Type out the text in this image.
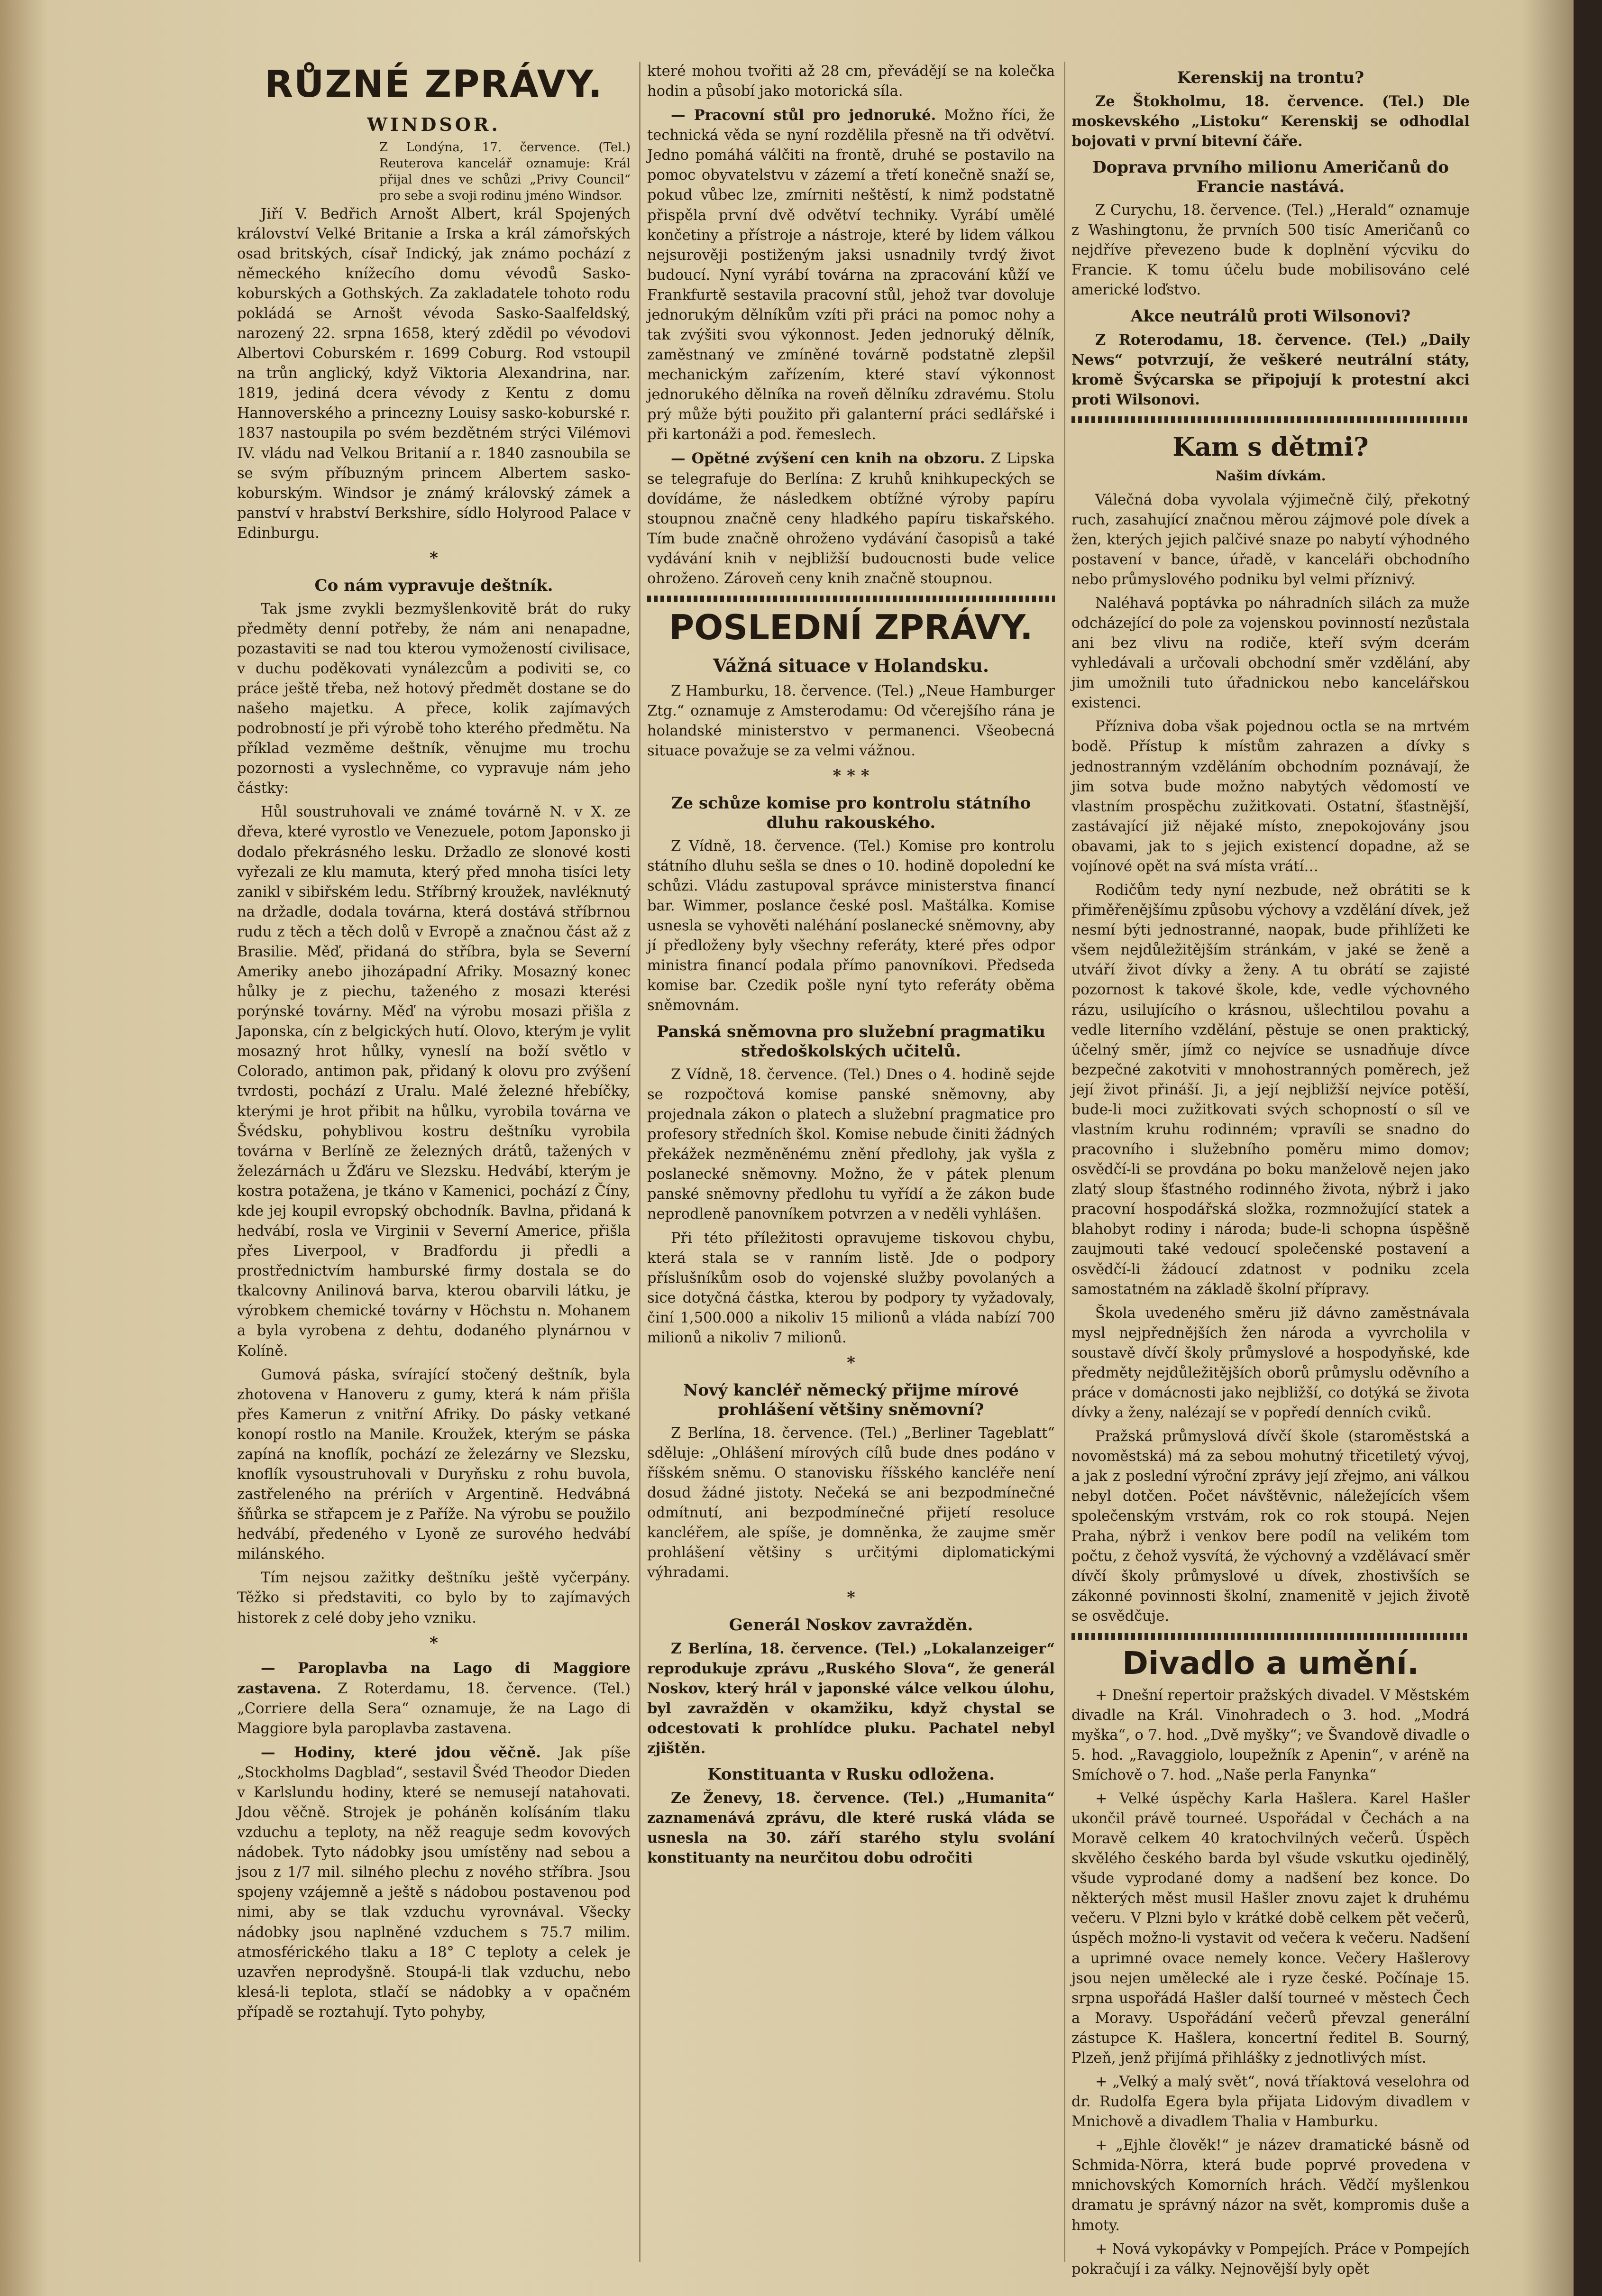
RŮZNÉ ZPRÁVY.
WINDSOR.
Z Londýna, 17. července. (Tel.) Reuterova kancelář oznamuje: Král přijal dnes ve schůzi „Privy Council“ pro sebe a svoji rodinu jméno Windsor.

Jiří V. Bedřich Arnošt Albert, král Spojených království Velké Britanie a Irska a král zámořských osad britských, císař Indický, jak známo pochází z německého knížecího domu vévodů Sasko-koburských a Gothských. Za zakladatele tohoto rodu pokládá se Arnošt vévoda Sasko-Saalfeldský, narozený 22. srpna 1658, který zdědil po vévodovi Albertovi Coburském r. 1699 Coburg. Rod vstoupil na trůn anglický, když Viktoria Alexandrina, nar. 1819, jediná dcera vévody z Kentu z domu Hannoverského a princezny Louisy sasko-koburské r. 1837 nastoupila po svém bezdětném strýci Vilémovi IV. vládu nad Velkou Britanií a r. 1840 zasnoubila se se svým příbuzným princem Albertem sasko-koburským. Windsor je známý královský zámek a panství v hrabství Berkshire, sídlo Holyrood Palace v Edinburgu.

*
Co nám vypravuje deštník.

Tak jsme zvykli bezmyšlenkovitě brát do ruky předměty denní potřeby, že nám ani nenapadne, pozastaviti se nad tou kterou vymožeností civilisace, v duchu poděkovati vynálezcům a podiviti se, co práce ještě třeba, než hotový předmět dostane se do našeho majetku. A přece, kolik zajímavých podrobností je při výrobě toho kterého předmětu. Na příklad vezměme deštník, věnujme mu trochu pozornosti a vyslechněme, co vypravuje nám jeho částky:

Hůl soustruhovali ve známé továrně N. v X. ze dřeva, které vyrostlo ve Venezuele, potom Japonsko ji dodalo překrásného lesku. Držadlo ze slonové kosti vyřezali ze klu mamuta, který před mnoha tisíci lety zanikl v sibiřském ledu. Stříbrný kroužek, navléknutý na držadle, dodala továrna, která dostává stříbrnou rudu z těch a těch dolů v Evropě a značnou část až z Brasilie. Měď, přidaná do stříbra, byla se Severní Ameriky anebo jihozápadní Afriky. Mosazný konec hůlky je z piechu, taženého z mosazi kterési porýnské továrny. Měď na výrobu mosazi přišla z Japonska, cín z belgických hutí. Olovo, kterým je vylit mosazný hrot hůlky, vyneslí na boží světlo v Colorado, antimon pak, přidaný k olovu pro zvýšení tvrdosti, pochází z Uralu. Malé železné hřebíčky, kterými je hrot přibit na hůlku, vyrobila továrna ve Švédsku, pohyblivou kostru deštníku vyrobila továrna v Berlíně ze železných drátů, tažených v železárnách u Žďáru ve Slezsku. Hedvábí, kterým je kostra potažena, je tkáno v Kamenici, pochází z Číny, kde jej koupil evropský obchodník. Bavlna, přidaná k hedvábí, rosla ve Virginii v Severní Americe, přišla přes Liverpool, v Bradfordu ji předli a prostřednictvím hamburské firmy dostala se do tkalcovny Anilinová barva, kterou obarvili látku, je výrobkem chemické továrny v Höchstu n. Mohanem a byla vyrobena z dehtu, dodaného plynárnou v Kolíně.

Gumová páska, svírající stočený deštník, byla zhotovena v Hanoveru z gumy, která k nám přišla přes Kamerun z vnitřní Afriky. Do pásky vetkané konopí rostlo na Manile. Kroužek, kterým se páska zapíná na knoflík, pochází ze železárny ve Slezsku, knoflík vysoustruhovali v Duryňsku z rohu buvola, zastřeleného na prériích v Argentině. Hedvábná šňůrka se střapcem je z Paříže. Na výrobu se použilo hedvábí, předeného v Lyoně ze surového hedvábí milánského.

Tím nejsou zažitky deštníku ještě vyčerpány. Těžko si představiti, co bylo by to zajímavých historek z celé doby jeho vzniku.

*

— Paroplavba na Lago di Maggiore zastavena. Z Roterdamu, 18. července. (Tel.) „Corriere della Sera“ oznamuje, že na Lago di Maggiore byla paroplavba zastavena.

— Hodiny, které jdou věčně. Jak píše „Stockholms Dagblad“, sestavil Švéd Theodor Dieden v Karlslundu hodiny, které se nemusejí natahovati. Jdou věčně. Strojek je poháněn kolísáním tlaku vzduchu a teploty, na něž reaguje sedm kovových nádobek. Tyto nádobky jsou umístěny nad sebou a jsou z 1/7 mil. silného plechu z nového stříbra. Jsou spojeny vzájemně a ještě s nádobou postavenou pod nimi, aby se tlak vzduchu vyrovnával. Všecky nádobky jsou naplněné vzduchem s 75.7 milim. atmosférického tlaku a 18° C teploty a celek je uzavřen neprodyšně. Stoupá-li tlak vzduchu, nebo klesá-li teplota, stlačí se nádobky a v opačném případě se roztahují. Tyto pohyby,

které mohou tvořiti až 28 cm, převádějí se na kolečka hodin a působí jako motorická síla.

— Pracovní stůl pro jednoruké. Možno říci, že technická věda se nyní rozdělila přesně na tři odvětví. Jedno pomáhá válčiti na frontě, druhé se postavilo na pomoc obyvatelstvu v zázemí a třetí konečně snaží se, pokud vůbec lze, zmírniti neštěstí, k nimž podstatně přispěla první dvě odvětví techniky. Vyrábí umělé končetiny a přístroje a nástroje, které by lidem válkou nejsurověji postiženým jaksi usnadnily tvrdý život budoucí. Nyní vyrábí továrna na zpracování kůží ve Frankfurtě sestavila pracovní stůl, jehož tvar dovoluje jednorukým dělníkům vzíti při práci na pomoc nohy a tak zvýšiti svou výkonnost. Jeden jednoruký dělník, zaměstnaný ve zmíněné továrně podstatně zlepšil mechanickým zařízením, které staví výkonnost jednorukého dělníka na roveň dělníku zdravému. Stolu prý může býti použito při galanterní práci sedlářské i při kartonáži a pod. řemeslech.

— Opětné zvýšení cen knih na obzoru. Z Lipska se telegrafuje do Berlína: Z kruhů knihkupeckých se dovídáme, že následkem obtížné výroby papíru stoupnou značně ceny hladkého papíru tiskařského. Tím bude značně ohroženo vydávání časopisů a také vydávání knih v nejbližší budoucnosti bude velice ohroženo. Zároveň ceny knih značně stoupnou.

POSLEDNÍ ZPRÁVY.
Vážná situace v Holandsku.

Z Hamburku, 18. července. (Tel.) „Neue Hamburger Ztg.“ oznamuje z Amsterodamu: Od včerejšího rána je holandské ministerstvo v permanenci. Všeobecná situace považuje se za velmi vážnou.

* * *
Ze schůze komise pro kontrolu státního dluhu rakouského.

Z Vídně, 18. července. (Tel.) Komise pro kontrolu státního dluhu sešla se dnes o 10. hodině dopolední ke schůzi. Vládu zastupoval správce ministerstva financí bar. Wimmer, poslance české posl. Maštálka. Komise usnesla se vyhověti naléhání poslanecké sněmovny, aby jí předloženy byly všechny referáty, které přes odpor ministra financí podala přímo panovníkovi. Předseda komise bar. Czedik pošle nyní tyto referáty oběma sněmovnám.

Panská sněmovna pro služební pragmatiku středoškolských učitelů.

Z Vídně, 18. července. (Tel.) Dnes o 4. hodině sejde se rozpočtová komise panské sněmovny, aby projednala zákon o platech a služební pragmatice pro profesory středních škol. Komise nebude činiti žádných překážek nezměněnému znění předlohy, jak vyšla z poslanecké sněmovny. Možno, že v pátek plenum panské sněmovny předlohu tu vyřídí a že zákon bude neprodleně panovníkem potvrzen a v neděli vyhlášen.

Při této příležitosti opravujeme tiskovou chybu, která stala se v ranním listě. Jde o podpory příslušníkům osob do vojenské služby povolaných a sice dotyčná částka, kterou by podpory ty vyžadovaly, činí 1,500.000 a nikoliv 15 milionů a vláda nabízí 700 milionů a nikoliv 7 milionů.

*
Nový kancléř německý přijme mírové prohlášení většiny sněmovní?

Z Berlína, 18. července. (Tel.) „Berliner Tageblatt“ sděluje: „Ohlášení mírových cílů bude dnes podáno v říšském sněmu. O stanovisku říšského kancléře není dosud žádné jistoty. Nečeká se ani bezpodmínečné odmítnutí, ani bezpodmínečné přijetí resoluce kancléřem, ale spíše, je domněnka, že zaujme směr prohlášení většiny s určitými diplomatickými výhradami.

*
Generál Noskov zavražděn.

Z Berlína, 18. července. (Tel.) „Lokalanzeiger“ reprodukuje zprávu „Ruského Slova“, že generál Noskov, který hrál v japonské válce velkou úlohu, byl zavražděn v okamžiku, když chystal se odcestovati k prohlídce pluku. Pachatel nebyl zjištěn.

Konstituanta v Rusku odložena.

Ze Ženevy, 18. července. (Tel.) „Humanita“ zaznamenává zprávu, dle které ruská vláda se usnesla na 30. září starého stylu svolání konstituanty na neurčitou dobu odročiti

Kerenskij na trontu?

Ze Štokholmu, 18. července. (Tel.) Dle moskevského „Listoku“ Kerenskij se odhodlal bojovati v první bitevní čáře.

Doprava prvního milionu Američanů do Francie nastává.

Z Curychu, 18. července. (Tel.) „Herald“ oznamuje z Washingtonu, že prvních 500 tisíc Američanů co nejdříve převezeno bude k doplnění výcviku do Francie. K tomu účelu bude mobilisováno celé americké loďstvo.

Akce neutrálů proti Wilsonovi?

Z Roterodamu, 18. července. (Tel.) „Daily News“ potvrzují, že veškeré neutrální státy, kromě Švýcarska se připojují k protestní akci proti Wilsonovi.

Kam s dětmi?
Našim dívkám.

Válečná doba vyvolala výjimečně čilý, překotný ruch, zasahující značnou měrou zájmové pole dívek a žen, kterých jejich palčivé snaze po nabytí výhodného postavení v bance, úřadě, v kanceláři obchodního nebo průmyslového podniku byl velmi příznivý.

Naléhavá poptávka po náhradních silách za muže odcházející do pole za vojenskou povinností nezůstala ani bez vlivu na rodiče, kteří svým dcerám vyhledávali a určovali obchodní směr vzdělání, aby jim umožnili tuto úřadnickou nebo kancelářskou existenci.

Přízniva doba však pojednou octla se na mrtvém bodě. Přístup k místům zahrazen a dívky s jednostranným vzděláním obchodním poznávají, že jim sotva bude možno nabytých vědomostí ve vlastním prospěchu zužitkovati. Ostatní, šťastnější, zastávající již nějaké místo, znepokojovány jsou obavami, jak to s jejich existencí dopadne, až se vojínové opět na svá místa vrátí…

Rodičům tedy nyní nezbude, než obrátiti se k přiměřenějšímu způsobu výchovy a vzdělání dívek, jež nesmí býti jednostranné, naopak, bude přihlížeti ke všem nejdůležitějším stránkám, v jaké se ženě a utváří život dívky a ženy. A tu obrátí se zajisté pozornost k takové škole, kde, vedle výchovného rázu, usilujícího o krásnou, ušlechtilou povahu a vedle literního vzdělání, pěstuje se onen praktický, účelný směr, jímž co nejvíce se usnadňuje dívce bezpečné zakotviti v mnohostranných poměrech, jež její život přináší. Ji, a její nejbližší nejvíce potěší, bude-li moci zužitkovati svých schopností o síl ve vlastním kruhu rodinném; vpravíli se snadno do pracovního i služebního poměru mimo domov; osvědčí-li se provdána po boku manželově nejen jako zlatý sloup šťastného rodinného života, nýbrž i jako pracovní hospodářská složka, rozmnožující statek a blahobyt rodiny i národa; bude-li schopna úspěšně zaujmouti také vedoucí společenské postavení a osvědčí-li žádoucí zdatnost v podniku zcela samostatném na základě školní přípravy.

Škola uvedeného směru již dávno zaměstnávala mysl nejpřednějších žen národa a vyvrcholila v soustavě dívčí školy průmyslové a hospodyňské, kde předměty nejdůležitějších oborů průmyslu oděvního a práce v domácnosti jako nejbližší, co dotýká se života dívky a ženy, nalézají se v popředí denních cviků.

Pražská průmyslová dívčí škole (staroměstská a novoměstská) má za sebou mohutný třicetiletý vývoj, a jak z poslední výroční zprávy její zřejmo, ani válkou nebyl dotčen. Počet návštěvnic, náležejících všem společenským vrstvám, rok co rok stoupá. Nejen Praha, nýbrž i venkov bere podíl na velikém tom počtu, z čehož vysvítá, že výchovný a vzdělávací směr dívčí školy průmyslové u dívek, zhostivších se zákonné povinnosti školní, znamenitě v jejich životě se osvědčuje.

Divadlo a umění.

+ Dnešní repertoir pražských divadel. V Městském divadle na Král. Vinohradech o 3. hod. „Modrá myška“, o 7. hod. „Dvě myšky“; ve Švandově divadle o 5. hod. „Ravaggiolo, loupežník z Apenin“, v aréně na Smíchově o 7. hod. „Naše perla Fanynka“

+ Velké úspěchy Karla Hašlera. Karel Hašler ukončil právě tourneé. Uspořádal v Čechách a na Moravě celkem 40 kratochvilných večerů. Úspěch skvělého českého barda byl všude vskutku ojedinělý, všude vyprodané domy a nadšení bez konce. Do některých měst musil Hašler znovu zajet k druhému večeru. V Plzni bylo v krátké době celkem pět večerů, úspěch možno-li vystavit od večera k večeru. Nadšení a uprimné ovace nemely konce. Večery Hašlerovy jsou nejen umělecké ale i ryze české. Počínaje 15. srpna uspořádá Hašler další tourneé v městech Čech a Moravy. Uspořádání večerů převzal generální zástupce K. Hašlera, koncertní ředitel B. Sourný, Plzeň, jenž přijímá přihlášky z jednotlivých míst.

+ „Velký a malý svět“, nová tříaktová veselohra od dr. Rudolfa Egera byla přijata Lidovým divadlem v Mnichově a divadlem Thalia v Hamburku.

+ „Ejhle člověk!“ je název dramatické básně od Schmida-Nörra, která bude poprvé provedena v mnichovských Komorních hrách. Vědčí myšlenkou dramatu je správný názor na svět, kompromis duše a hmoty.

+ Nová vykopávky v Pompejích. Práce v Pompejích pokračují i za války. Nejnovější byly opět
